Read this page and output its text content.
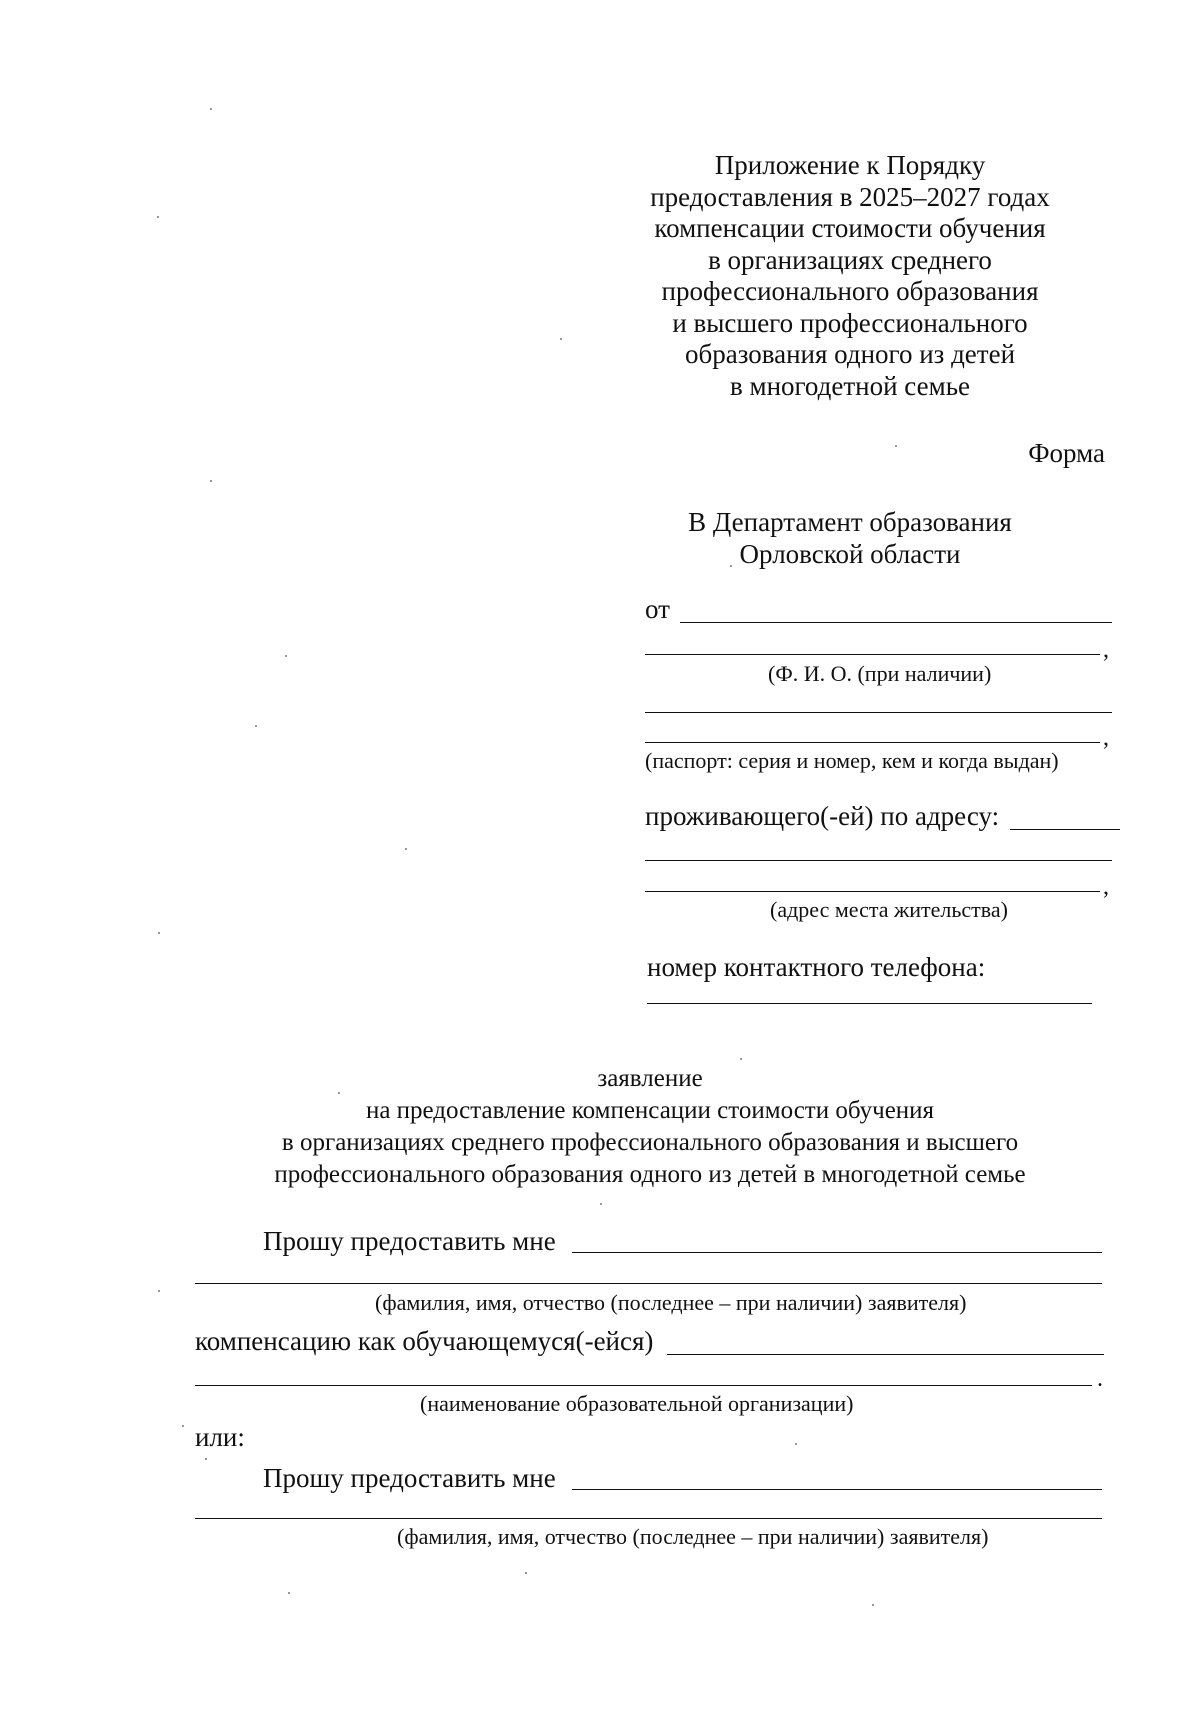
Приложение к Порядку
предоставления в 2025–2027 годах
компенсации стоимости обучения
в организациях среднего
профессионального образования
и высшего профессионального
образования одного из детей
в многодетной семье
Форма
В Департамент образования
Орловской области
от
,
(Ф. И. О. (при наличии)
,
(паспорт: серия и номер, кем и когда выдан)
проживающего(-ей) по адресу:
,
(адрес места жительства)
номер контактного телефона:
заявление
на предоставление компенсации стоимости обучения
в организациях среднего профессионального образования и высшего
профессионального образования одного из детей в многодетной семье
Прошу предоставить мне
(фамилия, имя, отчество (последнее – при наличии) заявителя)
компенсацию как обучающемуся(-ейся)
.
(наименование образовательной организации)
или:
Прошу предоставить мне
(фамилия, имя, отчество (последнее – при наличии) заявителя)
